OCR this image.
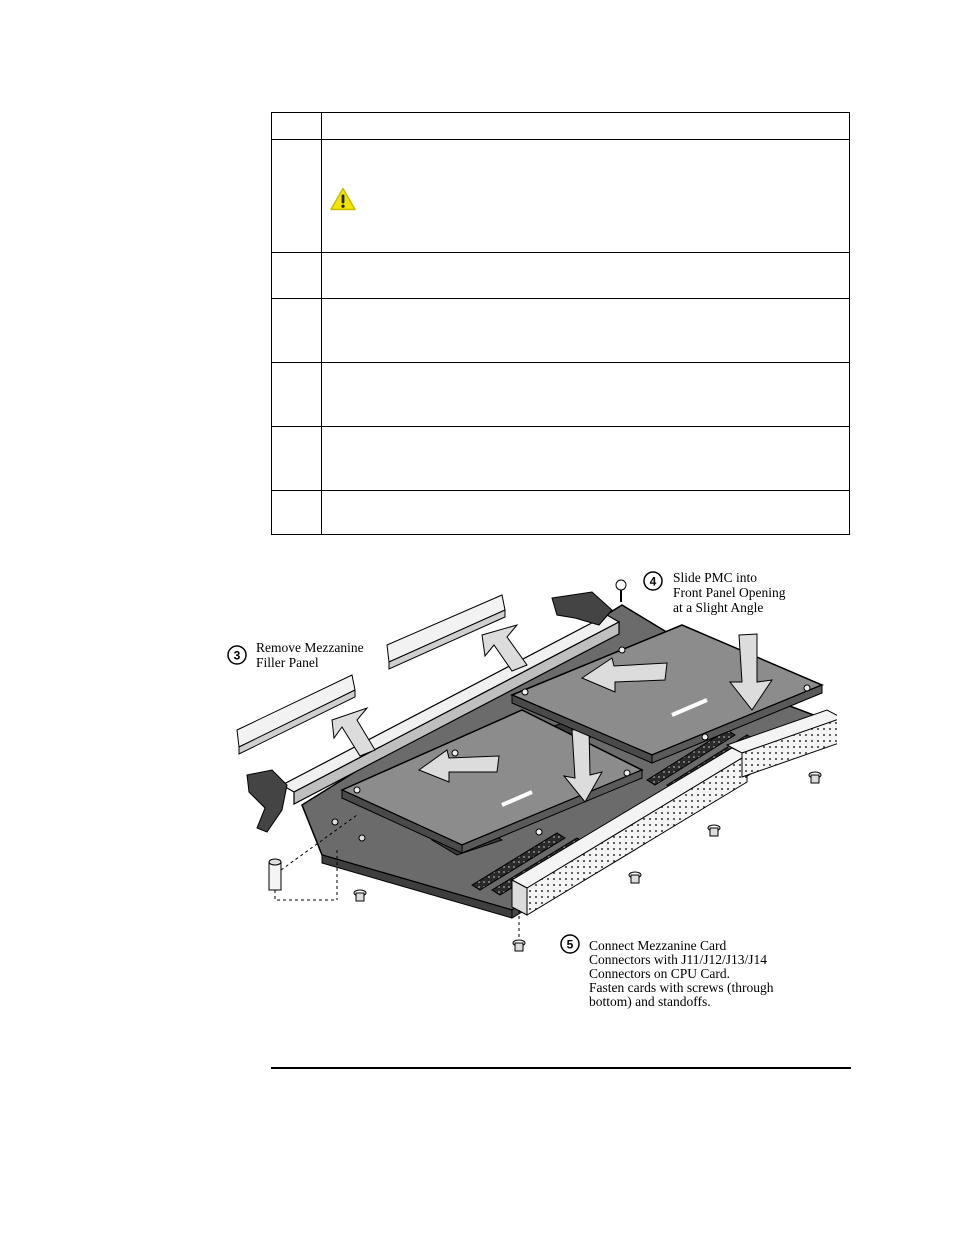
3
Remove Mezzanine
Filler Panel
4 Slide PMC into
Front Panel Opening
at a Slight Angle
5 Connect Mezzanine Card
Connectors with J11/J12/J13/J14
Connectors on CPU Card.
Fasten cards with screws (through
bottom) and standoffs.
